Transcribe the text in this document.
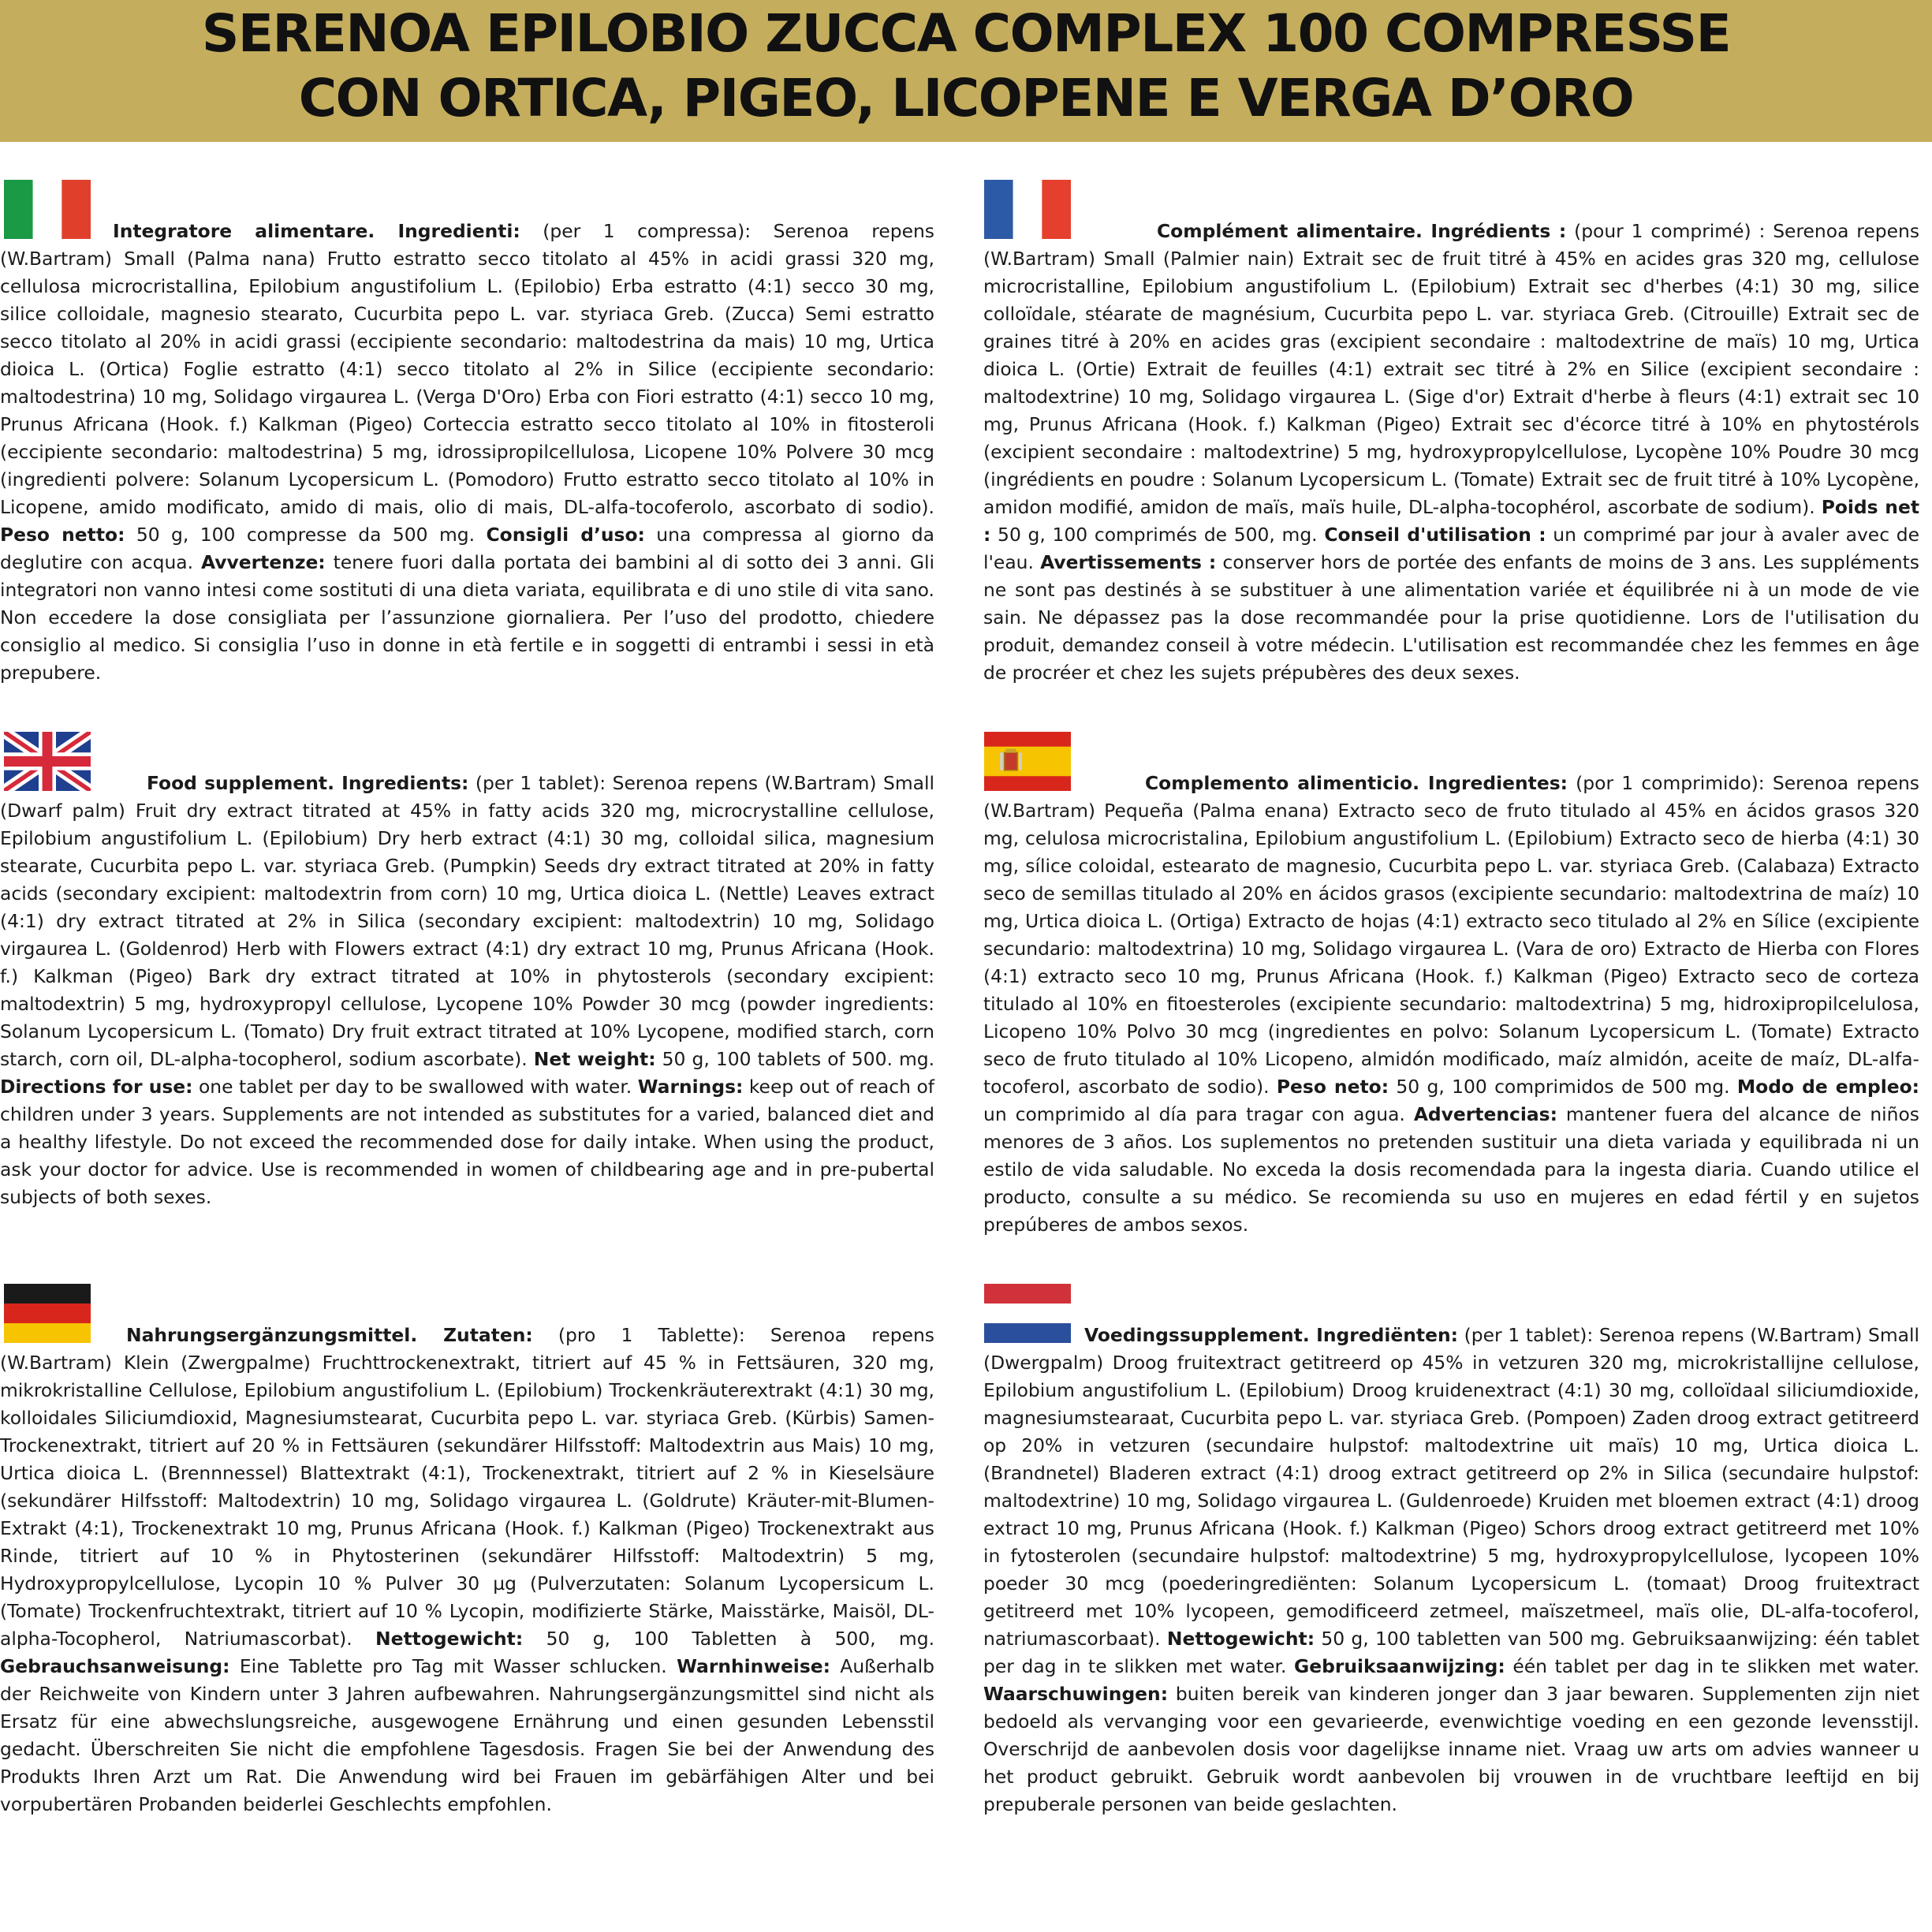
SERENOA EPILOBIO ZUCCA COMPLEX 100 COMPRESSE
CON ORTICA, PIGEO, LICOPENE E VERGA D’ORO

Integratore alimentare. Ingredienti: (per 1 compressa): Serenoa repens (W.Bartram) Small (Palma nana) Frutto estratto secco titolato al 45% in acidi grassi 320 mg, cellulosa microcristallina, Epilobium angustifolium L. (Epilobio) Erba estratto (4:1) secco 30 mg, silice colloidale, magnesio stearato, Cucurbita pepo L. var. styriaca Greb. (Zucca) Semi estratto secco titolato al 20% in acidi grassi (eccipiente secondario: maltodestrina da mais) 10 mg, Urtica dioica L. (Ortica) Foglie estratto (4:1) secco titolato al 2% in Silice (eccipiente secondario: maltodestrina) 10 mg, Solidago virgaurea L. (Verga D'Oro) Erba con Fiori estratto (4:1) secco 10 mg, Prunus Africana (Hook. f.) Kalkman (Pigeo) Corteccia estratto secco titolato al 10% in fitosteroli (eccipiente secondario: maltodestrina) 5 mg, idrossipropilcellulosa, Licopene 10% Polvere 30 mcg (ingredienti polvere: Solanum Lycopersicum L. (Pomodoro) Frutto estratto secco titolato al 10% in Licopene, amido modificato, amido di mais, olio di mais, DL-alfa-tocoferolo, ascorbato di sodio). Peso netto: 50 g, 100 compresse da 500 mg. Consigli d’uso: una compressa al giorno da deglutire con acqua. Avvertenze: tenere fuori dalla portata dei bambini al di sotto dei 3 anni. Gli integratori non vanno intesi come sostituti di una dieta variata, equilibrata e di uno stile di vita sano. Non eccedere la dose consigliata per l’assunzione giornaliera. Per l’uso del prodotto, chiedere consiglio al medico. Si consiglia l’uso in donne in età fertile e in soggetti di entrambi i sessi in età prepubere.

Complément alimentaire. Ingrédients : (pour 1 comprimé) : Serenoa repens (W.Bartram) Small (Palmier nain) Extrait sec de fruit titré à 45% en acides gras 320 mg, cellulose microcristalline, Epilobium angustifolium L. (Epilobium) Extrait sec d'herbes (4:1) 30 mg, silice colloïdale, stéarate de magnésium, Cucurbita pepo L. var. styriaca Greb. (Citrouille) Extrait sec de graines titré à 20% en acides gras (excipient secondaire : maltodextrine de maïs) 10 mg, Urtica dioica L. (Ortie) Extrait de feuilles (4:1) extrait sec titré à 2% en Silice (excipient secondaire : maltodextrine) 10 mg, Solidago virgaurea L. (Sige d'or) Extrait d'herbe à fleurs (4:1) extrait sec 10 mg, Prunus Africana (Hook. f.) Kalkman (Pigeo) Extrait sec d'écorce titré à 10% en phytostérols (excipient secondaire : maltodextrine) 5 mg, hydroxypropylcellulose, Lycopène 10% Poudre 30 mcg (ingrédients en poudre : Solanum Lycopersicum L. (Tomate) Extrait sec de fruit titré à 10% Lycopène, amidon modifié, amidon de maïs, maïs huile, DL-alpha-tocophérol, ascorbate de sodium). Poids net : 50 g, 100 comprimés de 500, mg. Conseil d'utilisation : un comprimé par jour à avaler avec de l'eau. Avertissements : conserver hors de portée des enfants de moins de 3 ans. Les suppléments ne sont pas destinés à se substituer à une alimentation variée et équilibrée ni à un mode de vie sain. Ne dépassez pas la dose recommandée pour la prise quotidienne. Lors de l'utilisation du produit, demandez conseil à votre médecin. L'utilisation est recommandée chez les femmes en âge de procréer et chez les sujets prépubères des deux sexes.

Food supplement. Ingredients: (per 1 tablet): Serenoa repens (W.Bartram) Small (Dwarf palm) Fruit dry extract titrated at 45% in fatty acids 320 mg, microcrystalline cellulose, Epilobium angustifolium L. (Epilobium) Dry herb extract (4:1) 30 mg, colloidal silica, magnesium stearate, Cucurbita pepo L. var. styriaca Greb. (Pumpkin) Seeds dry extract titrated at 20% in fatty acids (secondary excipient: maltodextrin from corn) 10 mg, Urtica dioica L. (Nettle) Leaves extract (4:1) dry extract titrated at 2% in Silica (secondary excipient: maltodextrin) 10 mg, Solidago virgaurea L. (Goldenrod) Herb with Flowers extract (4:1) dry extract 10 mg, Prunus Africana (Hook. f.) Kalkman (Pigeo) Bark dry extract titrated at 10% in phytosterols (secondary excipient: maltodextrin) 5 mg, hydroxypropyl cellulose, Lycopene 10% Powder 30 mcg (powder ingredients: Solanum Lycopersicum L. (Tomato) Dry fruit extract titrated at 10% Lycopene, modified starch, corn starch, corn oil, DL-alpha-tocopherol, sodium ascorbate). Net weight: 50 g, 100 tablets of 500. mg. Directions for use: one tablet per day to be swallowed with water. Warnings: keep out of reach of children under 3 years. Supplements are not intended as substitutes for a varied, balanced diet and a healthy lifestyle. Do not exceed the recommended dose for daily intake. When using the product, ask your doctor for advice. Use is recommended in women of childbearing age and in pre-pubertal subjects of both sexes.

Complemento alimenticio. Ingredientes: (por 1 comprimido): Serenoa repens (W.Bartram) Pequeña (Palma enana) Extracto seco de fruto titulado al 45% en ácidos grasos 320 mg, celulosa microcristalina, Epilobium angustifolium L. (Epilobium) Extracto seco de hierba (4:1) 30 mg, sílice coloidal, estearato de magnesio, Cucurbita pepo L. var. styriaca Greb. (Calabaza) Extracto seco de semillas titulado al 20% en ácidos grasos (excipiente secundario: maltodextrina de maíz) 10 mg, Urtica dioica L. (Ortiga) Extracto de hojas (4:1) extracto seco titulado al 2% en Sílice (excipiente secundario: maltodextrina) 10 mg, Solidago virgaurea L. (Vara de oro) Extracto de Hierba con Flores (4:1) extracto seco 10 mg, Prunus Africana (Hook. f.) Kalkman (Pigeo) Extracto seco de corteza titulado al 10% en fitoesteroles (excipiente secundario: maltodextrina) 5 mg, hidroxipropilcelulosa, Licopeno 10% Polvo 30 mcg (ingredientes en polvo: Solanum Lycopersicum L. (Tomate) Extracto seco de fruto titulado al 10% Licopeno, almidón modificado, maíz almidón, aceite de maíz, DL-alfa-tocoferol, ascorbato de sodio). Peso neto: 50 g, 100 comprimidos de 500 mg. Modo de empleo: un comprimido al día para tragar con agua. Advertencias: mantener fuera del alcance de niños menores de 3 años. Los suplementos no pretenden sustituir una dieta variada y equilibrada ni un estilo de vida saludable. No exceda la dosis recomendada para la ingesta diaria. Cuando utilice el producto, consulte a su médico. Se recomienda su uso en mujeres en edad fértil y en sujetos prepúberes de ambos sexos.

Nahrungsergänzungsmittel. Zutaten: (pro 1 Tablette): Serenoa repens (W.Bartram) Klein (Zwergpalme) Fruchttrockenextrakt, titriert auf 45 % in Fettsäuren, 320 mg, mikrokristalline Cellulose, Epilobium angustifolium L. (Epilobium) Trockenkräuterextrakt (4:1) 30 mg, kolloidales Siliciumdioxid, Magnesiumstearat, Cucurbita pepo L. var. styriaca Greb. (Kürbis) Samen-Trockenextrakt, titriert auf 20 % in Fettsäuren (sekundärer Hilfsstoff: Maltodextrin aus Mais) 10 mg, Urtica dioica L. (Brennnessel) Blattextrakt (4:1), Trockenextrakt, titriert auf 2 % in Kieselsäure (sekundärer Hilfsstoff: Maltodextrin) 10 mg, Solidago virgaurea L. (Goldrute) Kräuter-mit-Blumen-Extrakt (4:1), Trockenextrakt 10 mg, Prunus Africana (Hook. f.) Kalkman (Pigeo) Trockenextrakt aus Rinde, titriert auf 10 % in Phytosterinen (sekundärer Hilfsstoff: Maltodextrin) 5 mg, Hydroxypropylcellulose, Lycopin 10 % Pulver 30 µg (Pulverzutaten: Solanum Lycopersicum L. (Tomate) Trockenfruchtextrakt, titriert auf 10 % Lycopin, modifizierte Stärke, Maisstärke, Maisöl, DL-alpha-Tocopherol, Natriumascorbat). Nettogewicht: 50 g, 100 Tabletten à 500, mg. Gebrauchsanweisung: Eine Tablette pro Tag mit Wasser schlucken. Warnhinweise: Außerhalb der Reichweite von Kindern unter 3 Jahren aufbewahren. Nahrungsergänzungsmittel sind nicht als Ersatz für eine abwechslungsreiche, ausgewogene Ernährung und einen gesunden Lebensstil gedacht. Überschreiten Sie nicht die empfohlene Tagesdosis. Fragen Sie bei der Anwendung des Produkts Ihren Arzt um Rat. Die Anwendung wird bei Frauen im gebärfähigen Alter und bei vorpubertären Probanden beiderlei Geschlechts empfohlen.

Voedingssupplement. Ingrediënten: (per 1 tablet): Serenoa repens (W.Bartram) Small (Dwergpalm) Droog fruitextract getitreerd op 45% in vetzuren 320 mg, microkristallijne cellulose, Epilobium angustifolium L. (Epilobium) Droog kruidenextract (4:1) 30 mg, colloïdaal siliciumdioxide, magnesiumstearaat, Cucurbita pepo L. var. styriaca Greb. (Pompoen) Zaden droog extract getitreerd op 20% in vetzuren (secundaire hulpstof: maltodextrine uit maïs) 10 mg, Urtica dioica L. (Brandnetel) Bladeren extract (4:1) droog extract getitreerd op 2% in Silica (secundaire hulpstof: maltodextrine) 10 mg, Solidago virgaurea L. (Guldenroede) Kruiden met bloemen extract (4:1) droog extract 10 mg, Prunus Africana (Hook. f.) Kalkman (Pigeo) Schors droog extract getitreerd met 10% in fytosterolen (secundaire hulpstof: maltodextrine) 5 mg, hydroxypropylcellulose, lycopeen 10% poeder 30 mcg (poederingrediënten: Solanum Lycopersicum L. (tomaat) Droog fruitextract getitreerd met 10% lycopeen, gemodificeerd zetmeel, maïszetmeel, maïs olie, DL-alfa-tocoferol, natriumascorbaat). Nettogewicht: 50 g, 100 tabletten van 500 mg. Gebruiksaanwijzing: één tablet per dag in te slikken met water. Gebruiksaanwijzing: één tablet per dag in te slikken met water. Waarschuwingen: buiten bereik van kinderen jonger dan 3 jaar bewaren. Supplementen zijn niet bedoeld als vervanging voor een gevarieerde, evenwichtige voeding en een gezonde levensstijl. Overschrijd de aanbevolen dosis voor dagelijkse inname niet. Vraag uw arts om advies wanneer u het product gebruikt. Gebruik wordt aanbevolen bij vrouwen in de vruchtbare leeftijd en bij prepuberale personen van beide geslachten.
